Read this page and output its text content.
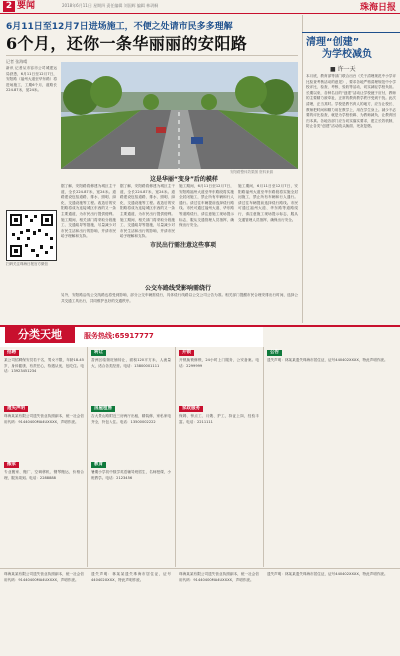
2 要闻	2018年6月11日 星期四 责任编辑 刘国辉 编辑 林玥桐	珠海日报
6月11日至12月7日进场施工，不便之处请市民多多理解
6个月，还你一条华丽丽的安阳路
记者 张海晴
新讯 记者从市容市公司城建运局获悉，6月11日至12月7日，安阳路（福州大道至华东路）将进场施工，工期6个月，道路长224.87米，宽24米。
安阳路整体效果图 资料来源
这是华丽“变身”后的模样
据了解，安阳路将修建为城区主干道，全长224.87米，宽24米。道路建设包括道路、排水、照明、绿化、交通设施等工程。改造后的安阳路将成为连接城区东西的又一条主要通道，为市民出行提供便利。施工期间，相关部门将采取分段施工、交通疏导等措施，尽量减少对市民生活和出行的影响，并请市民给予理解和支持。
据了解，安阳路将修建为城区主干道，全长224.87米，宽24米。道路建设包括道路、排水、照明、绿化、交通设施等工程。改造后的安阳路将成为连接城区东西的又一条主要通道，为市民出行提供便利。施工期间，相关部门将采取分段施工、交通疏导等措施，尽量减少对市民生活和出行的影响，并请市民给予理解和支持。
市民出行需注意这些事项
施工期间，6月11日至12月7日，安阳路福州大道至华东路段将实施全封闭施工，禁止所有车辆和行人通行。请过往车辆提前选择绕行路线。市民可通过福州大道、华东路等道路绕行，请注意施工现场提示标志，服从交通管理人员指挥，确保出行安全。
施工期间，6月11日至12月7日，安阳路福州大道至华东路段将实施全封闭施工，禁止所有车辆和行人通行。请过往车辆提前选择绕行路线。市民可通过福州大道、华东路等道路绕行，请注意施工现场提示标志，服从交通管理人员指挥，确保出行安全。
公交车路线受影响需绕行
另外，安阳路沿线公交线路也将受到影响，部分公交车辆需绕行，具体绕行线路以公交公司公告为准。相关部门提醒市民合理安排出行时间，选择公共交通工具出行，共同维护良好的交通秩序。
扫码关注珠海日报官方微信
清理“创建”
为学校减负
■ 许一天
本月底，教育部等部门联合出台《关于清理规范中小学评比检查考核活动的意见》，要求各地严格清理规范中小学校评比、检查、考核、验收等活动，切实减轻学校负担。长期以来，各种名目的“创建”活动让学校疲于应付，教师的主要精力被牵扯，正常的教育教学秩序受到干扰。此次清理，正当其时。学校是教书育人的地方，应当让校长、教师把时间和精力用在教学上，用在学生身上。减少不必要的评比检查，就是为学校松绑、为教师减负，让教育回归本真。各地各部门应当切实落实要求，建立长效机制，防止各类“创建”活动改头换面、死灰复燃。
分类天地	服务热线:65917777
招聘
某公司招聘保安员若干名，男女不限，年龄18-45岁，身体健康，有责任心，待遇从优，包吃住。电话：13923451234
遗失声明
珠海某某有限公司遗失营业执照副本，统一社会信用代码：91440400MA4UXXXX，声明作废。
搬家
专业搬家、搬厂、空调移机、钢琴搬运，价格合理，服务周到。电话：2288888
转让
香洲区临街旺铺转让，面积120平方米，人流量大，适合各类经营。电话：13800001111
房屋租售
吉大景山路附近三房两厅出租，精装修，家私家电齐全，拎包入住。电话：13500002222
教育
暑期小学初中数学英语辅导班招生，名师授课，小班教学。电话：2123456
开锁
开锁换锁修锁，24小时上门服务，公安备案。电话：2299999
家政服务
保姆、钟点工、月嫂、护工，持证上岗，经验丰富。电话：2211111
公告
遗失声明：林某某遗失珠海市居住证，证号440402XXXX，特此声明作废。
珠海某某有限公司遗失营业执照副本，统一社会信用代码：91440400MA4UXXXX，声明作废。
遗失声明：林某某遗失珠海市居住证，证号440402XXXX，特此声明作废。
珠海某某有限公司遗失营业执照副本，统一社会信用代码：91440400MA4UXXXX，声明作废。
遗失声明：林某某遗失珠海市居住证，证号440402XXXX，特此声明作废。
